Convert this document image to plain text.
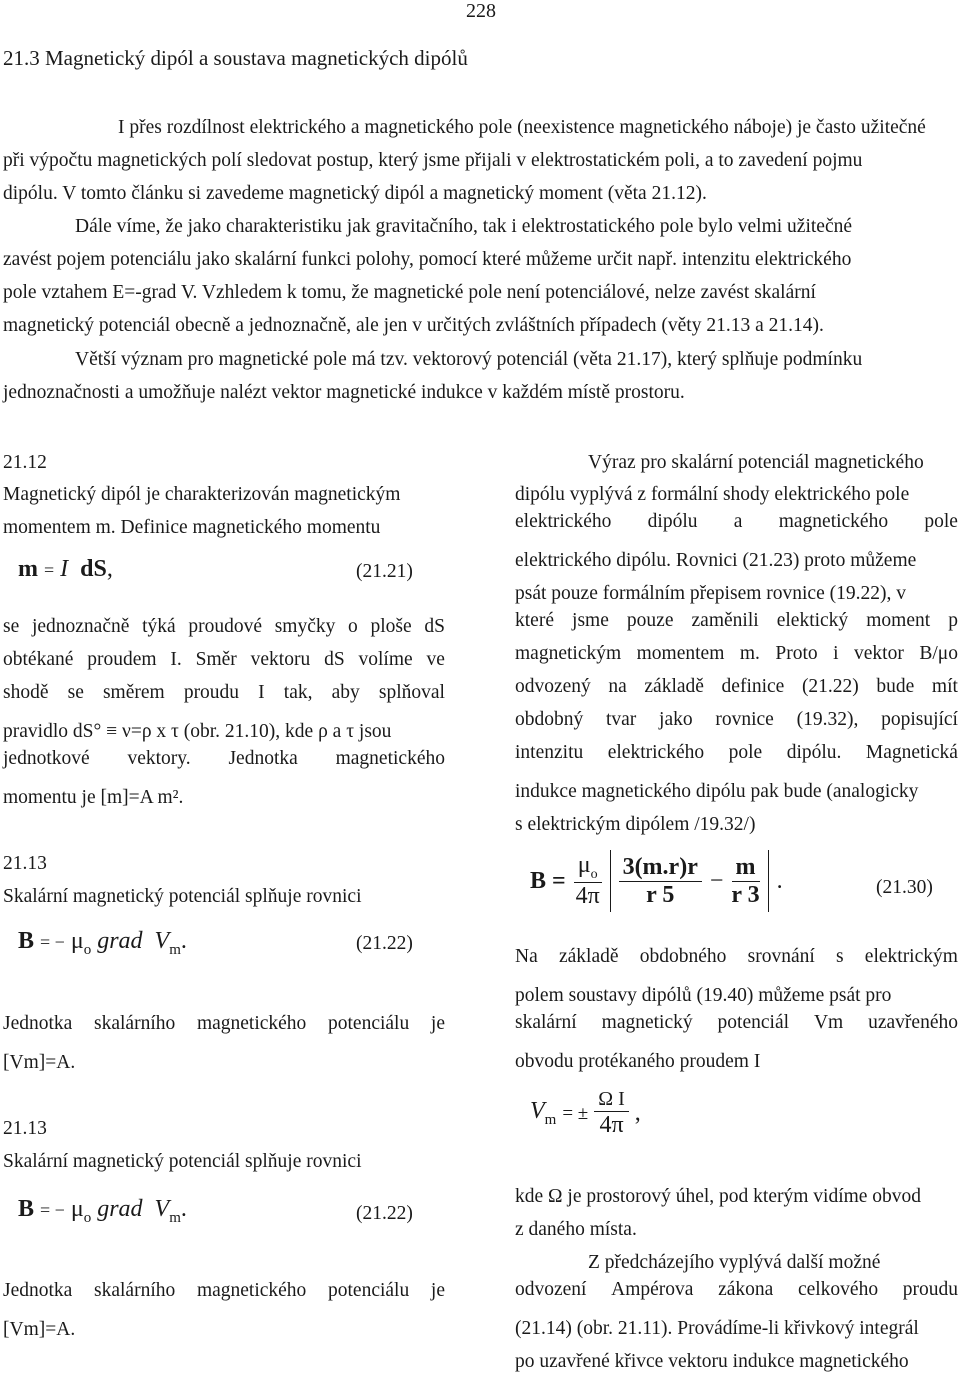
228
21.3 Magnetický dipól a soustava magnetických dipólů
I přes rozdílnost elektrického a magnetického pole (neexistence magnetického náboje) je často užitečné
při výpočtu magnetických polí sledovat postup, který jsme přijali v elektrostatickém poli, a to zavedení pojmu
dipólu. V tomto článku si zavedeme magnetický dipól a magnetický moment (věta 21.12).
Dále víme, že jako charakteristiku jak gravitačního, tak i elektrostatického pole bylo velmi užitečné
zavést pojem potenciálu jako skalární funkci polohy, pomocí které můžeme určit např. intenzitu elektrického
pole vztahem E=-grad V. Vzhledem k tomu, že magnetické pole není potenciálové, nelze zavést skalární
magnetický potenciál obecně a jednoznačně, ale jen v určitých zvláštních případech (věty 21.13 a 21.14).
Větší význam pro magnetické pole má tzv. vektorový potenciál (věta 21.17), který splňuje podmínku
jednoznačnosti a umožňuje nalézt vektor magnetické indukce v každém místě prostoru.
21.12
Magnetický dipól je charakterizován magnetickým
momentem m. Definice magnetického momentu
m = I dS,	(21.21)
se jednoznačně týká proudové smyčky o ploše dS
obtékané proudem I. Směr vektoru dS volíme ve
shodě se směrem proudu I tak, aby splňoval
pravidlo dS° ≡ ν=ρ x τ (obr. 21.10), kde ρ a τ jsou
jednotkové vektory. Jednotka magnetického
momentu je [m]=A m².
21.13
Skalární magnetický potenciál splňuje rovnici
B = − $\mu_o$ grad $V_m$.	(21.22)
Jednotka skalárního magnetického potenciálu je
[Vm]=A.
21.13
Skalární magnetický potenciál splňuje rovnici
B = − $\mu_o$ grad $V_m$.	(21.22)
Jednotka skalárního magnetického potenciálu je
[Vm]=A.
Výraz pro skalární potenciál magnetického
dipólu vyplývá z formální shody elektrického pole
elektrického dipólu a magnetického pole
elektrického dipólu. Rovnici (21.23) proto můžeme
psát pouze formálním přepisem rovnice (19.22), v
které jsme pouze zaměnili elektický moment p
magnetickým momentem m. Proto i vektor B/μo
odvozený na základě definice (21.22) bude mít
obdobný tvar jako rovnice (19.32), popisující
intenzitu elektrického pole dipólu. Magnetická
indukce magnetického dipólu pak bude (analogicky
s elektrickým dipólem /19.32/)
$B = \frac{\mu_o}{4\pi} \frac{3(m.r)r}{r 5} - \frac{m}{r 3}$ .	(21.30)
Na základě obdobného srovnání s elektrickým
polem soustavy dipólů (19.40) můžeme psát pro
skalární magnetický potenciál Vm uzavřeného
obvodu protékaného proudem I
$V_m$ = ± $\frac{\text{Ω I}}{4\pi}$ ,
kde Ω je prostorový úhel, pod kterým vidíme obvod
z daného místa.
Z předcházejího vyplývá další možné
odvození Ampérova zákona celkového proudu
(21.14) (obr. 21.11). Provádíme-li křivkový integrál
po uzavřené křivce vektoru indukce magnetického
